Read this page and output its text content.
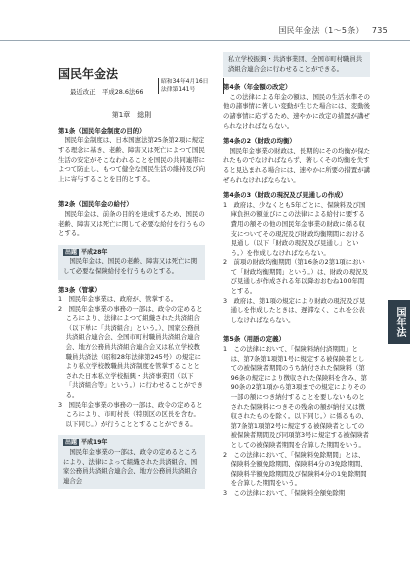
国民年金法（1～5条） 735
国民年金法
最近改正　平成28.6法66
第1章　総則
第1条（国民年金制度の目的）
国民年金制度は、日本国憲法第25条第2項に規定する理念に基き、老齢、障害又は死亡によつて国民生活の安定がそこなわれることを国民の共同連帯によつて防止し、もつて健全な国民生活の維持及び向上に寄与することを目的とする。
第2条（国民年金の給付）
国民年金は、前条の目的を達成するため、国民の老齢、障害又は死亡に関して必要な給付を行うものとする。
出題 平成28年
国民年金は、国民の老齢、障害又は死亡に関して必要な保険給付を行うものとする。
第3条（管掌）
1　国民年金事業は、政府が、管掌する。
2　国民年金事業の事務の一部は、政令の定めるところにより、法律によつて組織された共済組合（以下単に「共済組合」という。）、国家公務員共済組合連合会、全国市町村職員共済組合連合会、地方公務員共済組合連合会又は私立学校教職員共済法（昭和28年法律第245号）の規定により私立学校教職員共済制度を管掌することとされた日本私立学校振興・共済事業団（以下「共済組合等」という。）に行わせることができる。
3　国民年金事業の事務の一部は、政令の定めるところにより、市町村長（特別区の区長を含む。以下同じ。）が行うこととすることができる。
出題 平成19年
国民年金事業の一部は、政令の定めるところにより、法律によって組織された共済組合、国家公務員共済組合連合会、地方公務員共済組合連合会
昭和34年4月16日
法律第141号
私立学校振興・共済事業団、全国市町村職員共済組合連合会に行わせることができる。
第4条（年金額の改定）
この法律による年金の額は、国民の生活水準その他の諸事情に著しい変動が生じた場合には、変動後の諸事情に応ずるため、速やかに改定の措置が講ぜられなければならない。
第4条の2（財政の均衡）
国民年金事業の財政は、長期的にその均衡が保たれたものでなければならず、著しくその均衡を失すると見込まれる場合には、速やかに所要の措置が講ぜられなければならない。
第4条の3（財政の現況及び見通しの作成）
1　政府は、少なくとも5年ごとに、保険料及び国庫負担の額並びにこの法律による給付に要する費用の額その他の国民年金事業の財政に係る収支についてその現況及び財政均衡期間における見通し（以下「財政の現況及び見通し」という。）を作成しなければならない。
2　前項の財政均衡期間（第16条の2第1項において「財政均衡期間」という。）は、財政の現況及び見通しが作成される年以降おおむね100年間とする。
3　政府は、第1項の規定により財政の現況及び見通しを作成したときは、遅滞なく、これを公表しなければならない。
第5条（用語の定義）
1　この法律において、「保険料納付済期間」とは、第7条第1項第1号に規定する被保険者としての被保険者期間のうち納付された保険料（第96条の規定により徴収された保険料を含み、第90条の2第1項から第3項までの規定によりその一部の額につき納付することを要しないものとされた保険料につきその残余の額が納付又は徴収されたものを除く。以下同じ。）に係るもの、第7条第1項第2号に規定する被保険者としての被保険者期間及び同項第3号に規定する被保険者としての被保険者期間を合算した期間をいう。
2　この法律において、「保険料免除期間」とは、保険料全額免除期間、保険料4分の3免除期間、保険料半額免除期間及び保険料4分の1免除期間を合算した期間をいう。
3　この法律において、「保険料全額免除期
国年法
